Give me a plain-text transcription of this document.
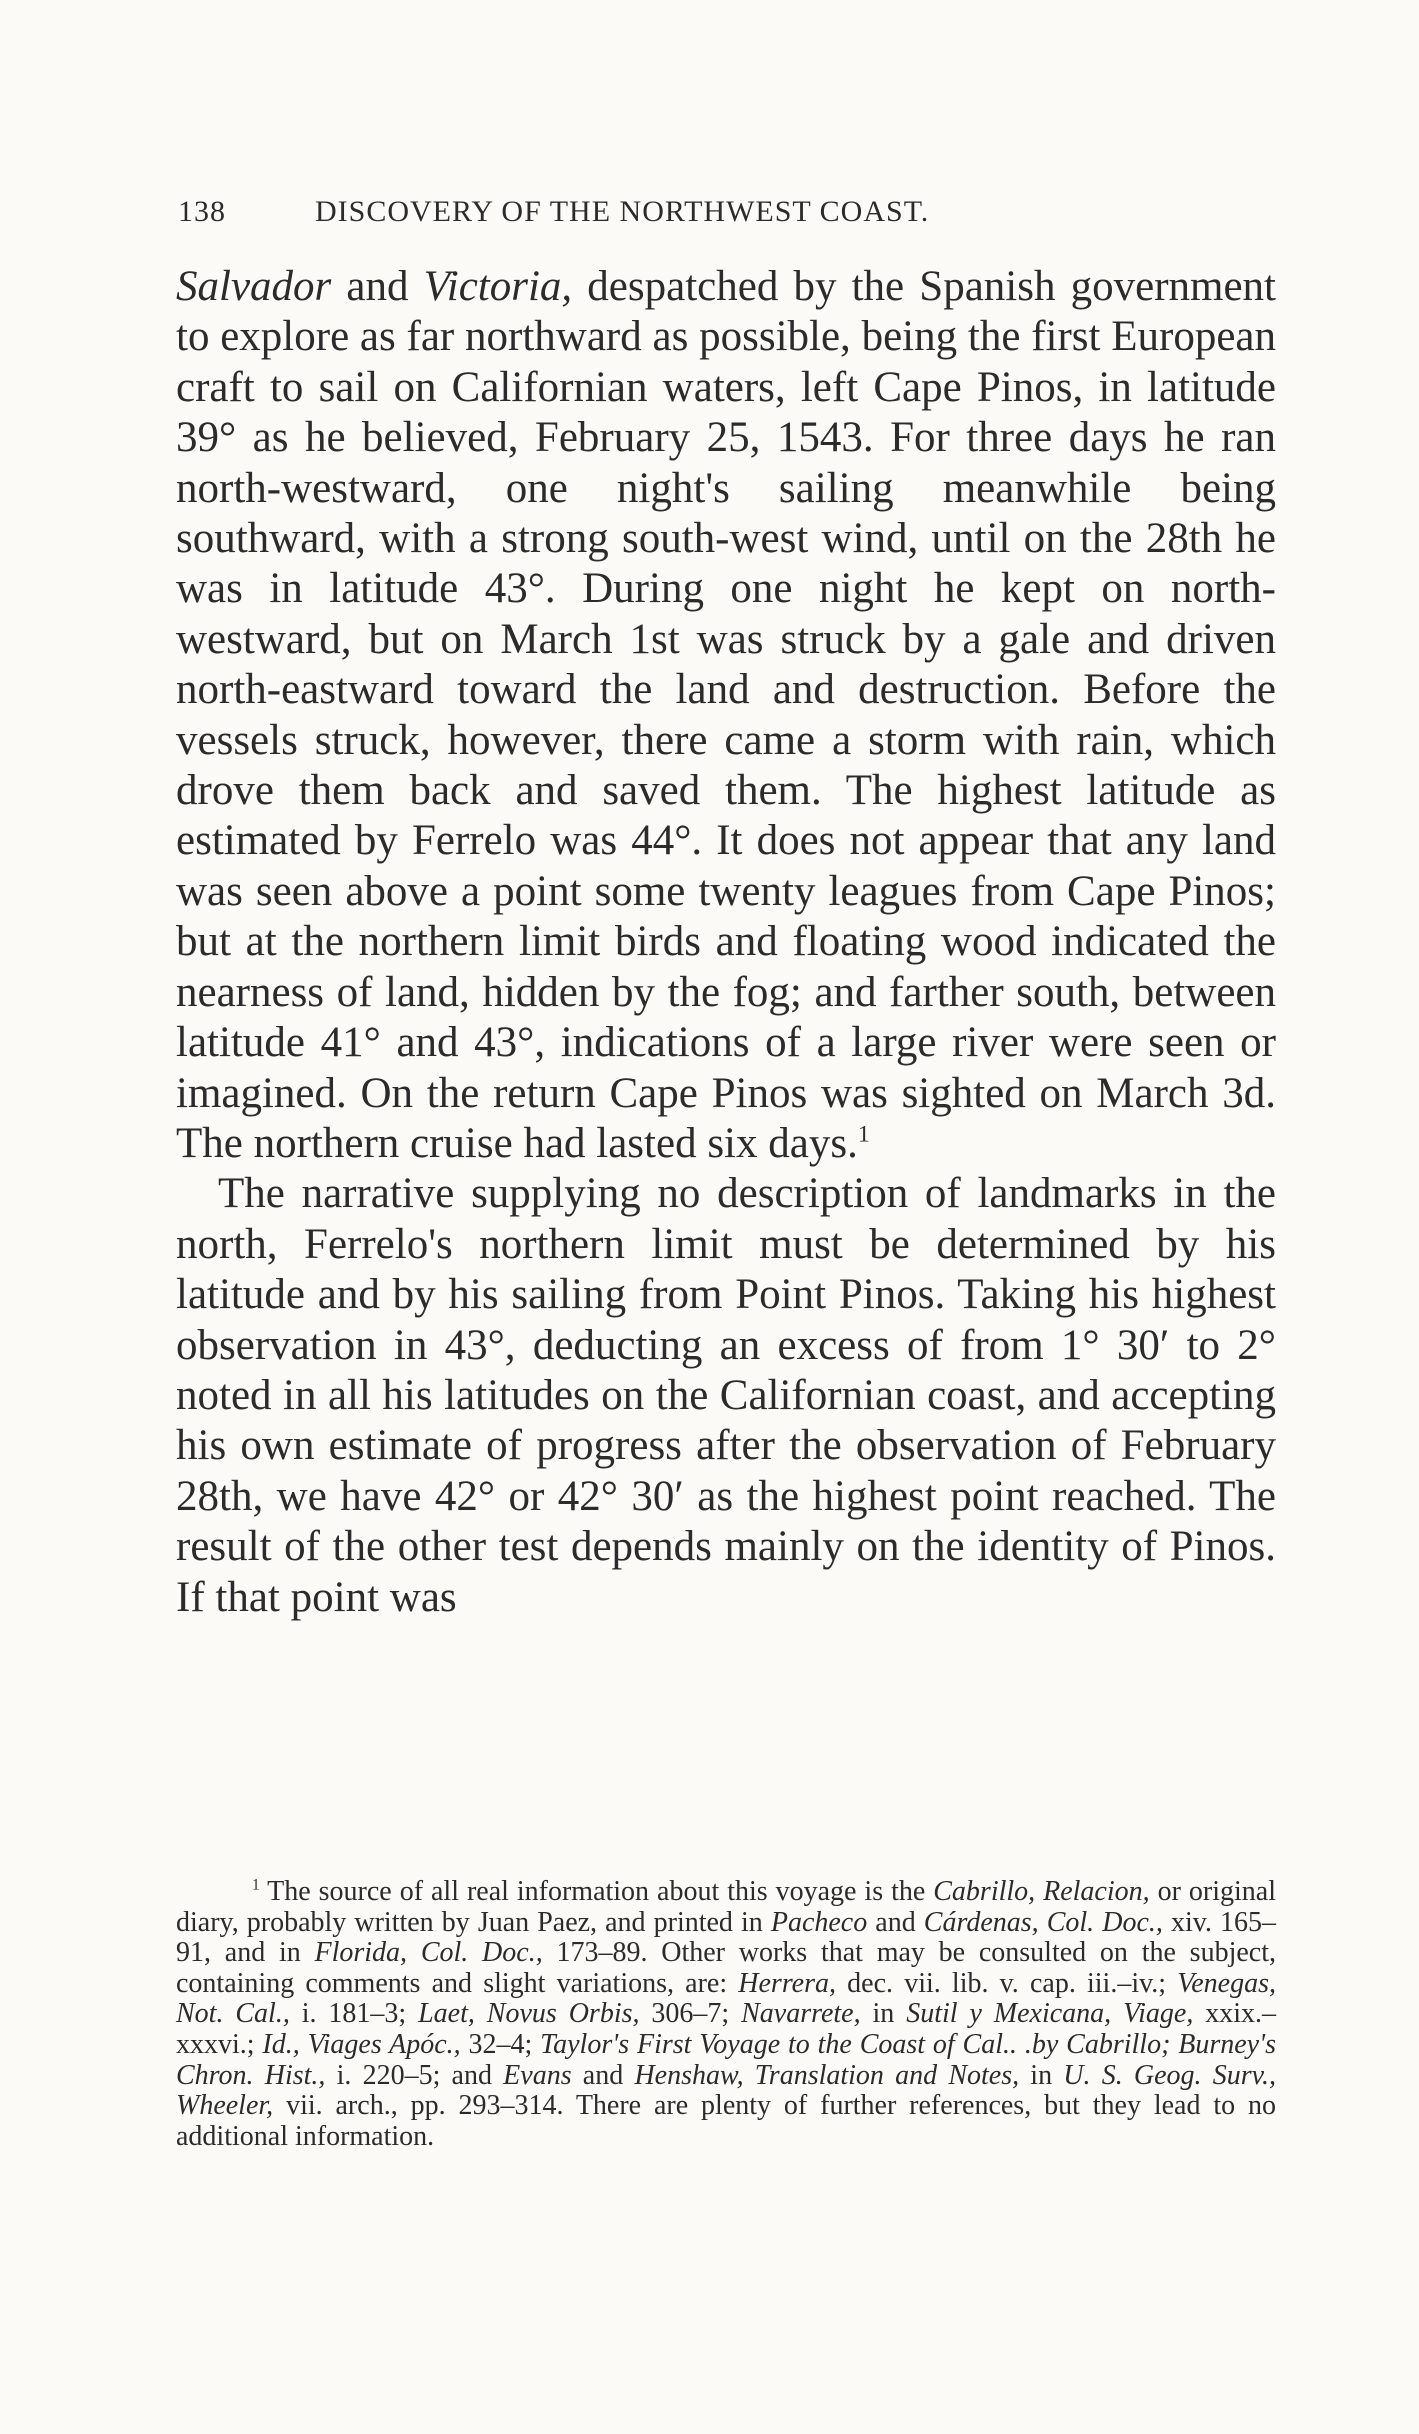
138	DISCOVERY OF THE NORTHWEST COAST.

Salvador and Victoria, despatched by the Spanish government to explore as far northward as possible, being the first European craft to sail on Californian waters, left Cape Pinos, in latitude 39° as he believed, February 25, 1543. For three days he ran north-westward, one night's sailing meanwhile being southward, with a strong south-west wind, until on the 28th he was in latitude 43°. During one night he kept on north-westward, but on March 1st was struck by a gale and driven north-eastward toward the land and destruction. Before the vessels struck, however, there came a storm with rain, which drove them back and saved them. The highest latitude as estimated by Ferrelo was 44°. It does not appear that any land was seen above a point some twenty leagues from Cape Pinos; but at the northern limit birds and floating wood indicated the nearness of land, hidden by the fog; and farther south, between latitude 41° and 43°, indications of a large river were seen or imagined. On the return Cape Pinos was sighted on March 3d. The northern cruise had lasted six days.$^1$

The narrative supplying no description of landmarks in the north, Ferrelo's northern limit must be determined by his latitude and by his sailing from Point Pinos. Taking his highest observation in 43°, deducting an excess of from 1° 30′ to 2° noted in all his latitudes on the Californian coast, and accepting his own estimate of progress after the observation of February 28th, we have 42° or 42° 30′ as the highest point reached. The result of the other test depends mainly on the identity of Pinos. If that point was

$^1$ The source of all real information about this voyage is the Cabrillo, Relacion, or original diary, probably written by Juan Paez, and printed in Pacheco and Cárdenas, Col. Doc., xiv. 165–91, and in Florida, Col. Doc., 173–89. Other works that may be consulted on the subject, containing comments and slight variations, are: Herrera, dec. vii. lib. v. cap. iii.–iv.; Venegas, Not. Cal., i. 181–3; Laet, Novus Orbis, 306–7; Navarrete, in Sutil y Mexicana, Viage, xxix.–xxxvi.; Id., Viages Apóc., 32–4; Taylor's First Voyage to the Coast of Cal.. .by Cabrillo; Burney's Chron. Hist., i. 220–5; and Evans and Henshaw, Translation and Notes, in U. S. Geog. Surv., Wheeler, vii. arch., pp. 293–314. There are plenty of further references, but they lead to no additional information.
